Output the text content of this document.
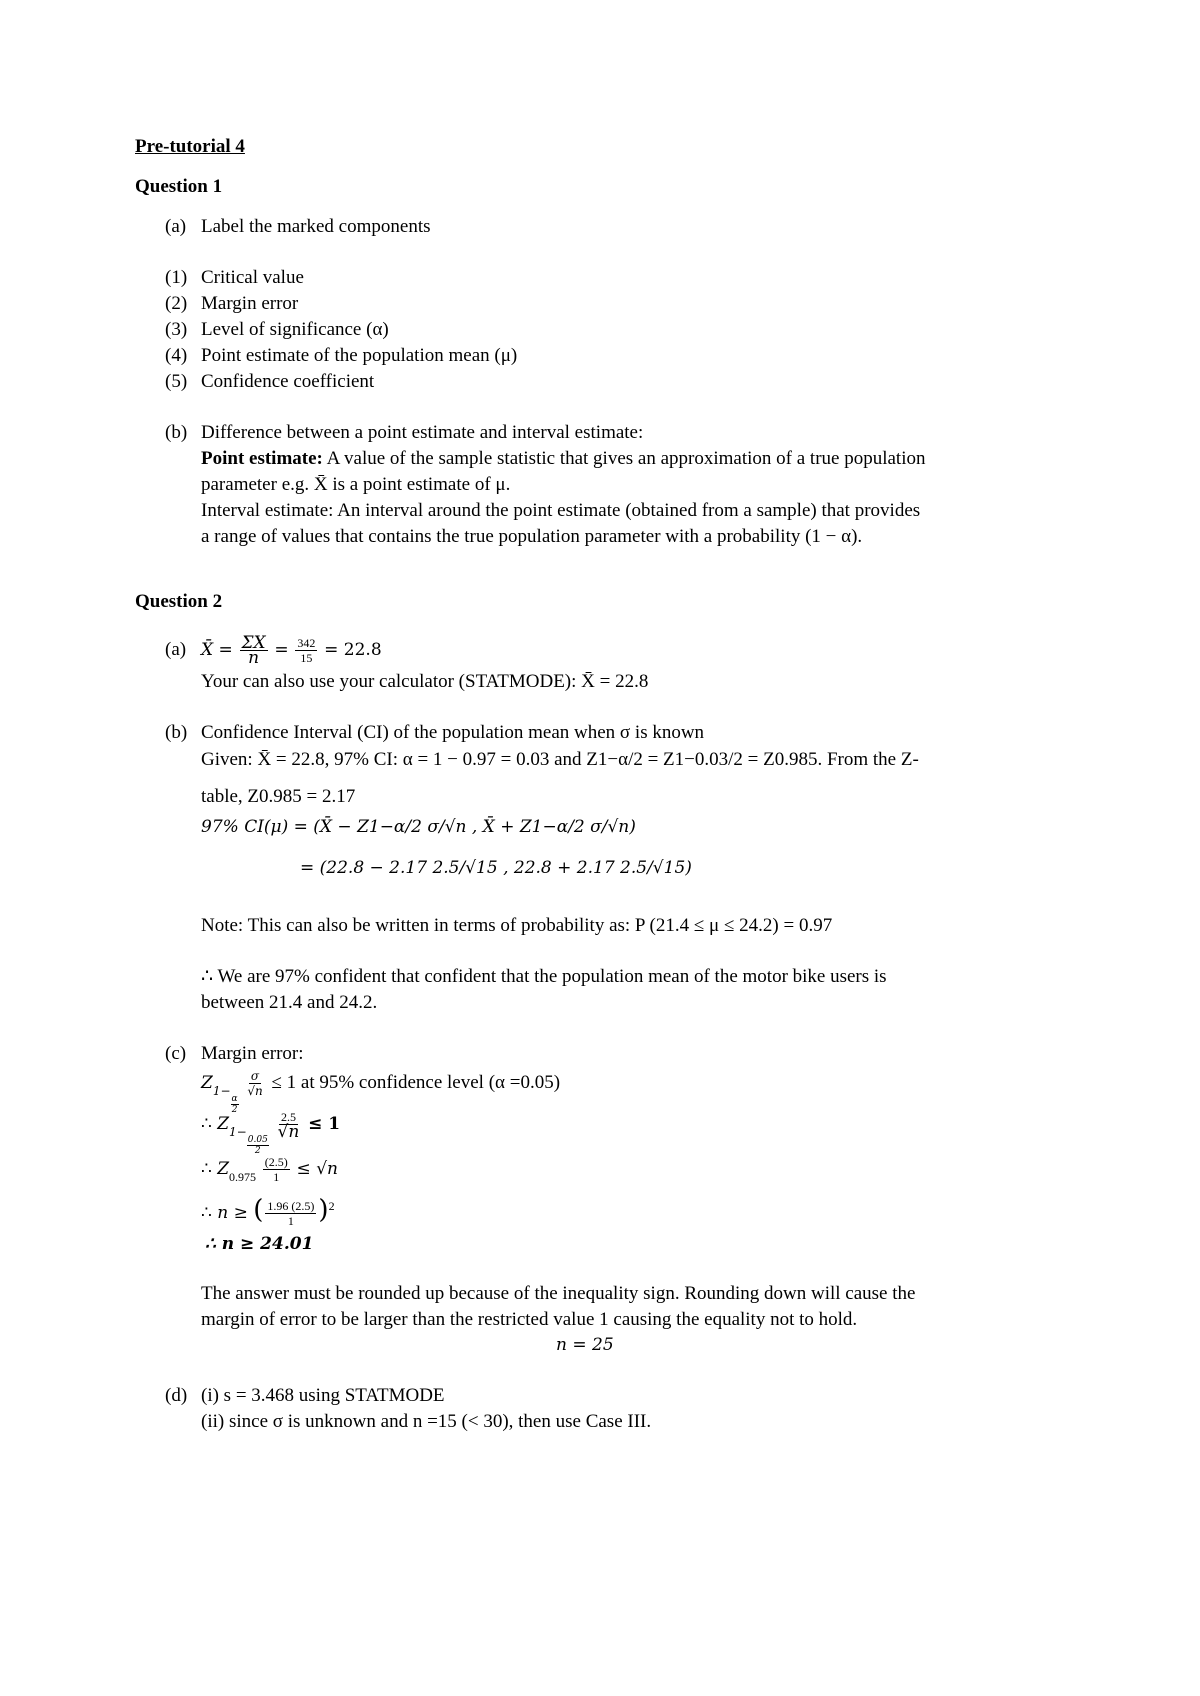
Pre-tutorial 4
Question 1
(a) Label the marked components
(1) Critical value
(2) Margin error
(3) Level of significance (α)
(4) Point estimate of the population mean (μ)
(5) Confidence coefficient
(b) Difference between a point estimate and interval estimate:
Point estimate: A value of the sample statistic that gives an approximation of a true population
parameter e.g. X̄ is a point estimate of μ.
Interval estimate: An interval around the point estimate (obtained from a sample) that provides
a range of values that contains the true population parameter with a probability (1 − α).
Question 2
(a) X̄ = $\frac{\Sigma X}{n} = \frac{342}{15} = 22.8$
Your can also use your calculator (STATMODE): X̄ = 22.8
(b) Confidence Interval (CI) of the population mean when σ is known
Given: X̄ = 22.8, 97% CI: α = 1 − 0.97 = 0.03 and Z1−α/2 = Z1−0.03/2 = Z0.985. From the Z-
table, Z0.985 = 2.17
97% CI(μ) = (X̄ − Z1−α/2 σ/√n , X̄ + Z1−α/2 σ/√n)
= (22.8 − 2.17 2.5/√15 , 22.8 + 2.17 2.5/√15)
Note: This can also be written in terms of probability as: P (21.4 ≤ μ ≤ 24.2) = 0.97
∴ We are 97% confident that confident that the population mean of the motor bike users is
between 21.4 and 24.2.
(c) Margin error:
$Z_{1- \frac{\alpha}{2}}$

$\frac{\sigma}{√n} \le 1$ at 95% confidence level (α =0.05)
∴ $Z_{1- \frac{0.05}{2}}$

$\frac{2.5}{√n} \le 1$
∴ $Z_{0.975} \frac{(2.5)}{1} \le √n$
∴ n ≥ ( $\frac{1.96 (2.5)}{1} )^2$
∴ n ≥ 24.01
The answer must be rounded up because of the inequality sign. Rounding down will cause the
margin of error to be larger than the restricted value 1 causing the equality not to hold.
n = 25
(d) (i) s = 3.468 using STATMODE
(ii) since σ is unknown and n =15 (< 30), then use Case III.
